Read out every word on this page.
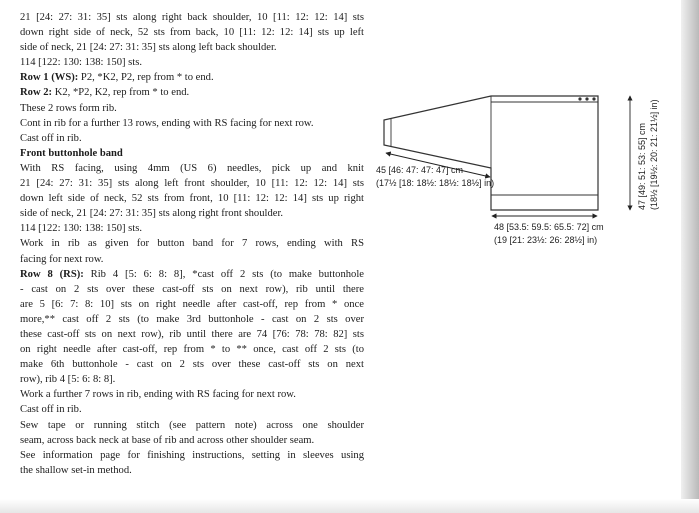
21 [24: 27: 31: 35] sts along right back shoulder, 10 [11: 12: 12: 14] sts

down right side of neck, 52 sts from back, 10 [11: 12: 12: 14] sts up left

side of neck, 21 [24: 27: 31: 35] sts along left back shoulder.

114 [122: 130: 138: 150] sts.

Row 1 (WS): P2, *K2, P2, rep from * to end.

Row 2: K2, *P2, K2, rep from * to end.

These 2 rows form rib.

Cont in rib for a further 13 rows, ending with RS facing for next row.

Cast off in rib.

Front buttonhole band

With RS facing, using 4mm (US 6) needles, pick up and knit

21 [24: 27: 31: 35] sts along left front shoulder, 10 [11: 12: 12: 14] sts

down left side of neck, 52 sts from front, 10 [11: 12: 12: 14] sts up right

side of neck, 21 [24: 27: 31: 35] sts along right front shoulder.

114 [122: 130: 138: 150] sts.

Work in rib as given for button band for 7 rows, ending with RS

facing for next row.

Row 8 (RS): Rib 4 [5: 6: 8: 8], *cast off 2 sts (to make buttonhole

- cast on 2 sts over these cast-off sts on next row), rib until there

are 5 [6: 7: 8: 10] sts on right needle after cast-off, rep from * once

more,** cast off 2 sts (to make 3rd buttonhole - cast on 2 sts over

these cast-off sts on next row), rib until there are 74 [76: 78: 78: 82] sts

on right needle after cast-off, rep from * to ** once, cast off 2 sts (to

make 6th buttonhole - cast on 2 sts over these cast-off sts on next

row), rib 4 [5: 6: 8: 8].

Work a further 7 rows in rib, ending with RS facing for next row.

Cast off in rib.

Sew tape or running stitch (see pattern note) across one shoulder

seam, across back neck at base of rib and across other shoulder seam.

See information page for finishing instructions, setting in sleeves using

the shallow set-in method.

45 [46: 47: 47: 47] cm
(17½ [18: 18½: 18½: 18½] in)
48 [53.5: 59.5: 65.5: 72] cm
(19 [21: 23½: 26: 28½] in)
47 [49: 51: 53: 55] cm (18½ [19½: 20: 21: 21½] in)
